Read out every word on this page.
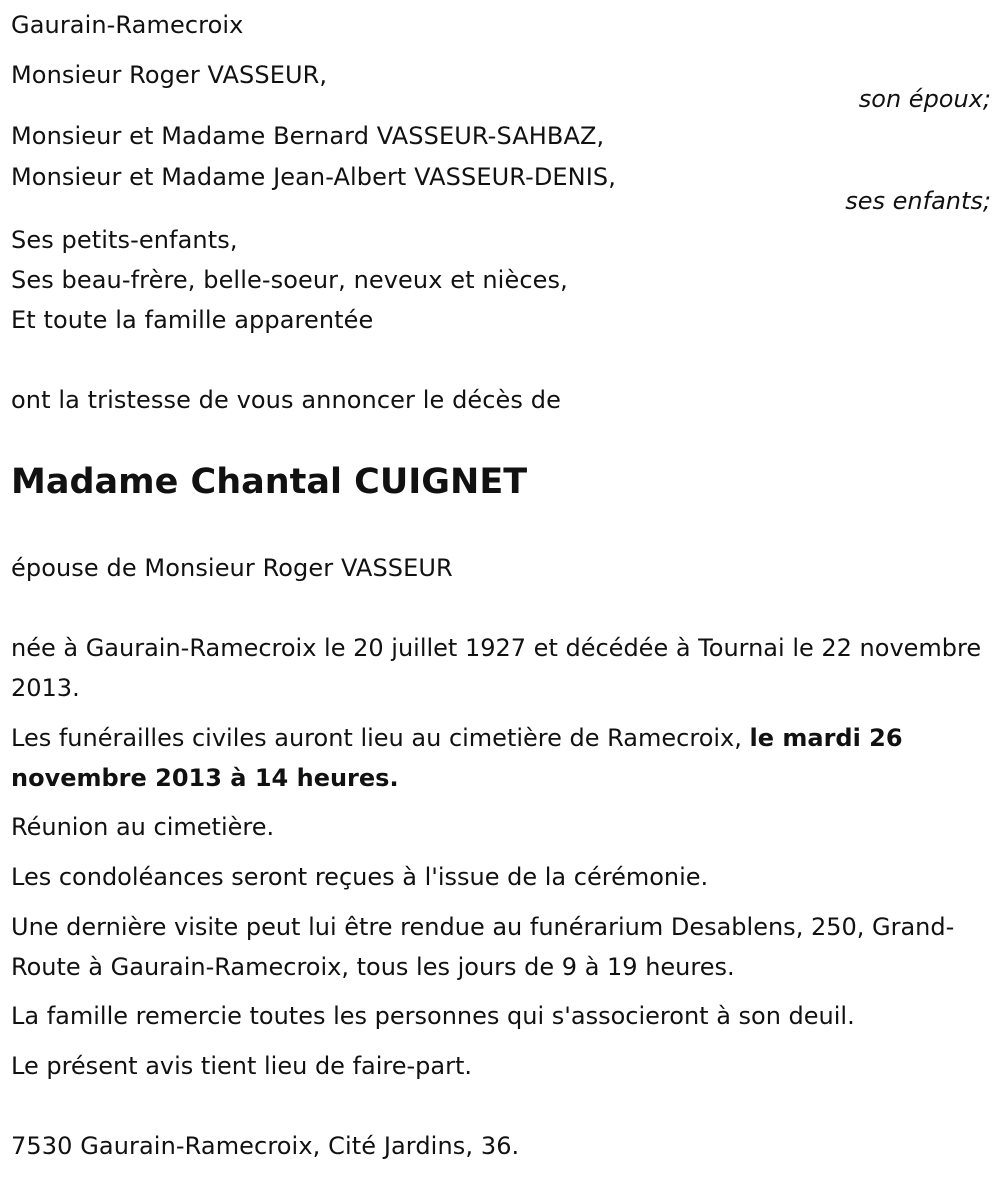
Gaurain-Ramecroix
Monsieur Roger VASSEUR,
son époux;
Monsieur et Madame Bernard VASSEUR-SAHBAZ,
Monsieur et Madame Jean-Albert VASSEUR-DENIS,
ses enfants;
Ses petits-enfants,
Ses beau-frère, belle-soeur, neveux et nièces,
Et toute la famille apparentée
ont la tristesse de vous annoncer le décès de
Madame Chantal CUIGNET
épouse de Monsieur Roger VASSEUR
née à Gaurain-Ramecroix le 20 juillet 1927 et décédée à Tournai le 22 novembre 2013.
Les funérailles civiles auront lieu au cimetière de Ramecroix, le mardi 26 novembre 2013 à 14 heures.
Réunion au cimetière.
Les condoléances seront reçues à l'issue de la cérémonie.
Une dernière visite peut lui être rendue au funérarium Desablens, 250, Grand-Route à Gaurain-Ramecroix, tous les jours de 9 à 19 heures.
La famille remercie toutes les personnes qui s'associeront à son deuil.
Le présent avis tient lieu de faire-part.
7530 Gaurain-Ramecroix, Cité Jardins, 36.
